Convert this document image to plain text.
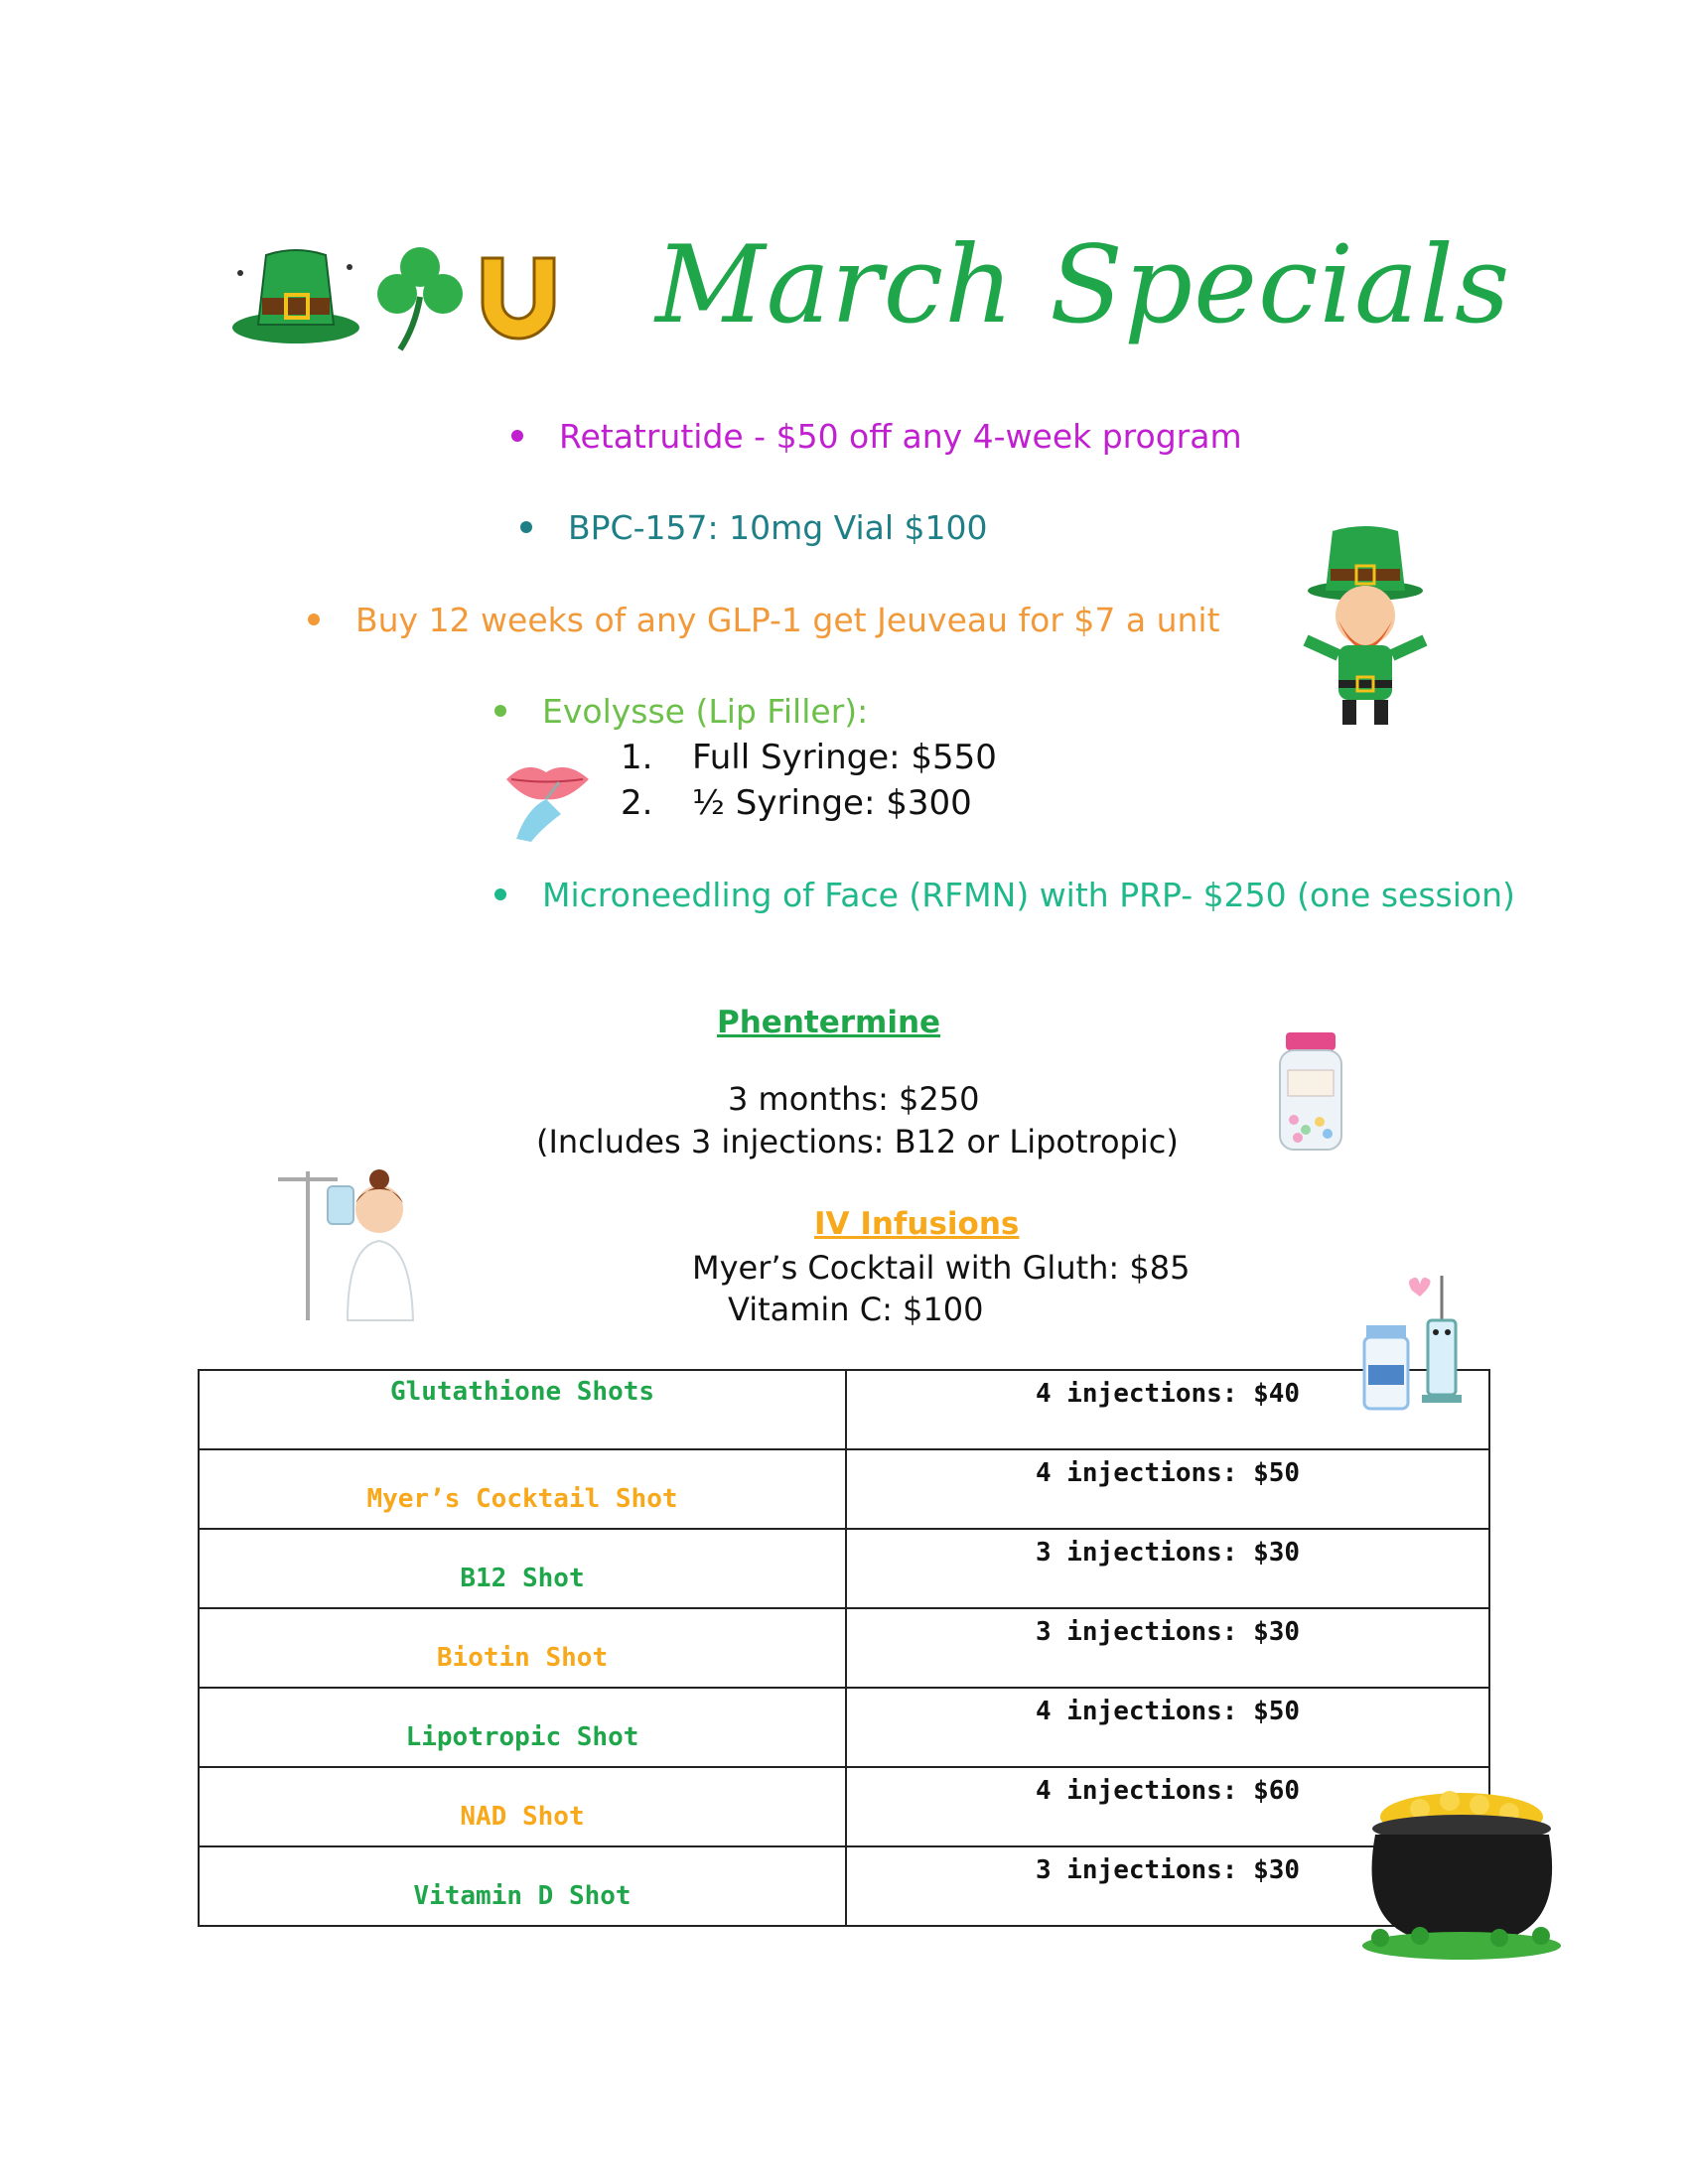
March Specials
Retatrutide - $50 off any 4-week program
BPC-157: 10mg Vial $100
Buy 12 weeks of any GLP-1 get Jeuveau for $7 a unit
Evolysse (Lip Filler):
1. Full Syringe: $550
2. ½ Syringe: $300
Microneedling of Face (RFMN) with PRP- $250 (one session)
Phentermine
3 months: $250
(Includes 3 injections: B12 or Lipotropic)
IV Infusions
Myer’s Cocktail with Gluth: $85
Vitamin C: $100
Glutathione Shots	4 injections: $40

Myer’s Cocktail Shot	4 injections: $50

B12 Shot	3 injections: $30

Biotin Shot	3 injections: $30

Lipotropic Shot	4 injections: $50

NAD Shot	4 injections: $60

Vitamin D Shot	3 injections: $30
